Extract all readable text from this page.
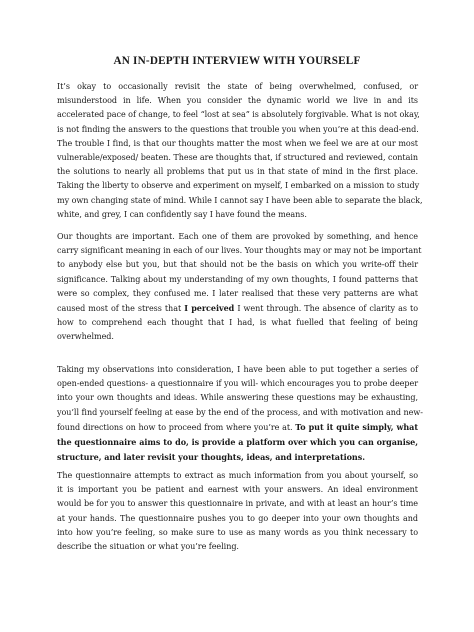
AN IN-DEPTH INTERVIEW WITH YOURSELF
It’s okay to occasionally revisit the state of being overwhelmed, confused, or
misunderstood in life. When you consider the dynamic world we live in and its
accelerated pace of change, to feel “lost at sea” is absolutely forgivable. What is not okay,
is not finding the answers to the questions that trouble you when you’re at this dead-end.
The trouble I find, is that our thoughts matter the most when we feel we are at our most
vulnerable/exposed/ beaten. These are thoughts that, if structured and reviewed, contain
the solutions to nearly all problems that put us in that state of mind in the first place.
Taking the liberty to observe and experiment on myself, I embarked on a mission to study
my own changing state of mind. While I cannot say I have been able to separate the black,
white, and grey, I can confidently say I have found the means.
Our thoughts are important. Each one of them are provoked by something, and hence
carry significant meaning in each of our lives. Your thoughts may or may not be important
to anybody else but you, but that should not be the basis on which you write-off their
significance. Talking about my understanding of my own thoughts, I found patterns that
were so complex, they confused me. I later realised that these very patterns are what
caused most of the stress that I perceived I went through. The absence of clarity as to
how to comprehend each thought that I had, is what fuelled that feeling of being
overwhelmed.
Taking my observations into consideration, I have been able to put together a series of
open-ended questions- a questionnaire if you will- which encourages you to probe deeper
into your own thoughts and ideas. While answering these questions may be exhausting,
you’ll find yourself feeling at ease by the end of the process, and with motivation and new-
found directions on how to proceed from where you’re at. To put it quite simply, what
the questionnaire aims to do, is provide a platform over which you can organise,
structure, and later revisit your thoughts, ideas, and interpretations.
The questionnaire attempts to extract as much information from you about yourself, so
it is important you be patient and earnest with your answers. An ideal environment
would be for you to answer this questionnaire in private, and with at least an hour’s time
at your hands. The questionnaire pushes you to go deeper into your own thoughts and
into how you’re feeling, so make sure to use as many words as you think necessary to
describe the situation or what you’re feeling.
